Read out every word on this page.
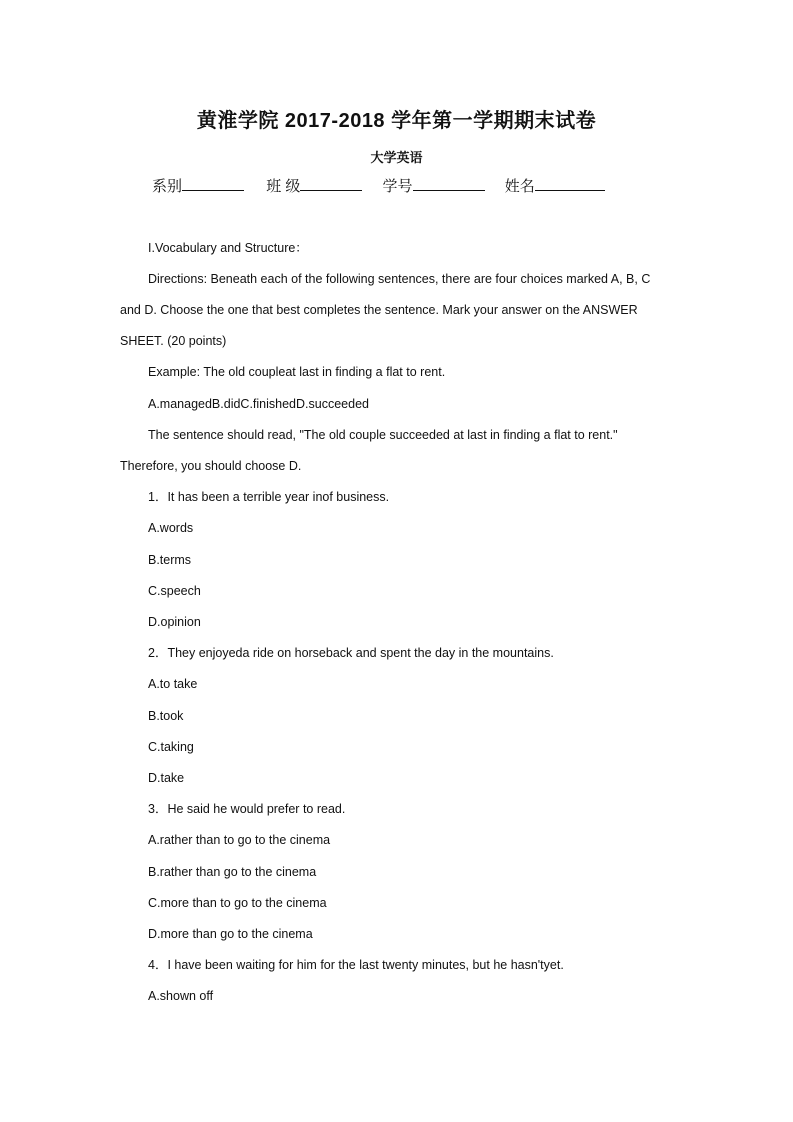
黄淮学院 2017-2018 学年第一学期期末试卷
大学英语
系别	班 级	学号	姓名
I.Vocabulary and Structure：
Directions: Beneath each of the following sentences, there are four choices marked A, B, C
and D. Choose the one that best completes the sentence. Mark your answer on the ANSWER
SHEET. (20 points)
Example: The old coupleat last in finding a flat to rent.
A.managedB.didC.finishedD.succeeded
The sentence should read, "The old couple succeeded at last in finding a flat to rent."
Therefore, you should choose D.
1．It has been a terrible year inof business.
A.words
B.terms
C.speech
D.opinion
2．They enjoyeda ride on horseback and spent the day in the mountains.
A.to take
B.took
C.taking
D.take
3．He said he would prefer to read.
A.rather than to go to the cinema
B.rather than go to the cinema
C.more than to go to the cinema
D.more than go to the cinema
4．I have been waiting for him for the last twenty minutes, but he hasn'tyet.
A.shown off
